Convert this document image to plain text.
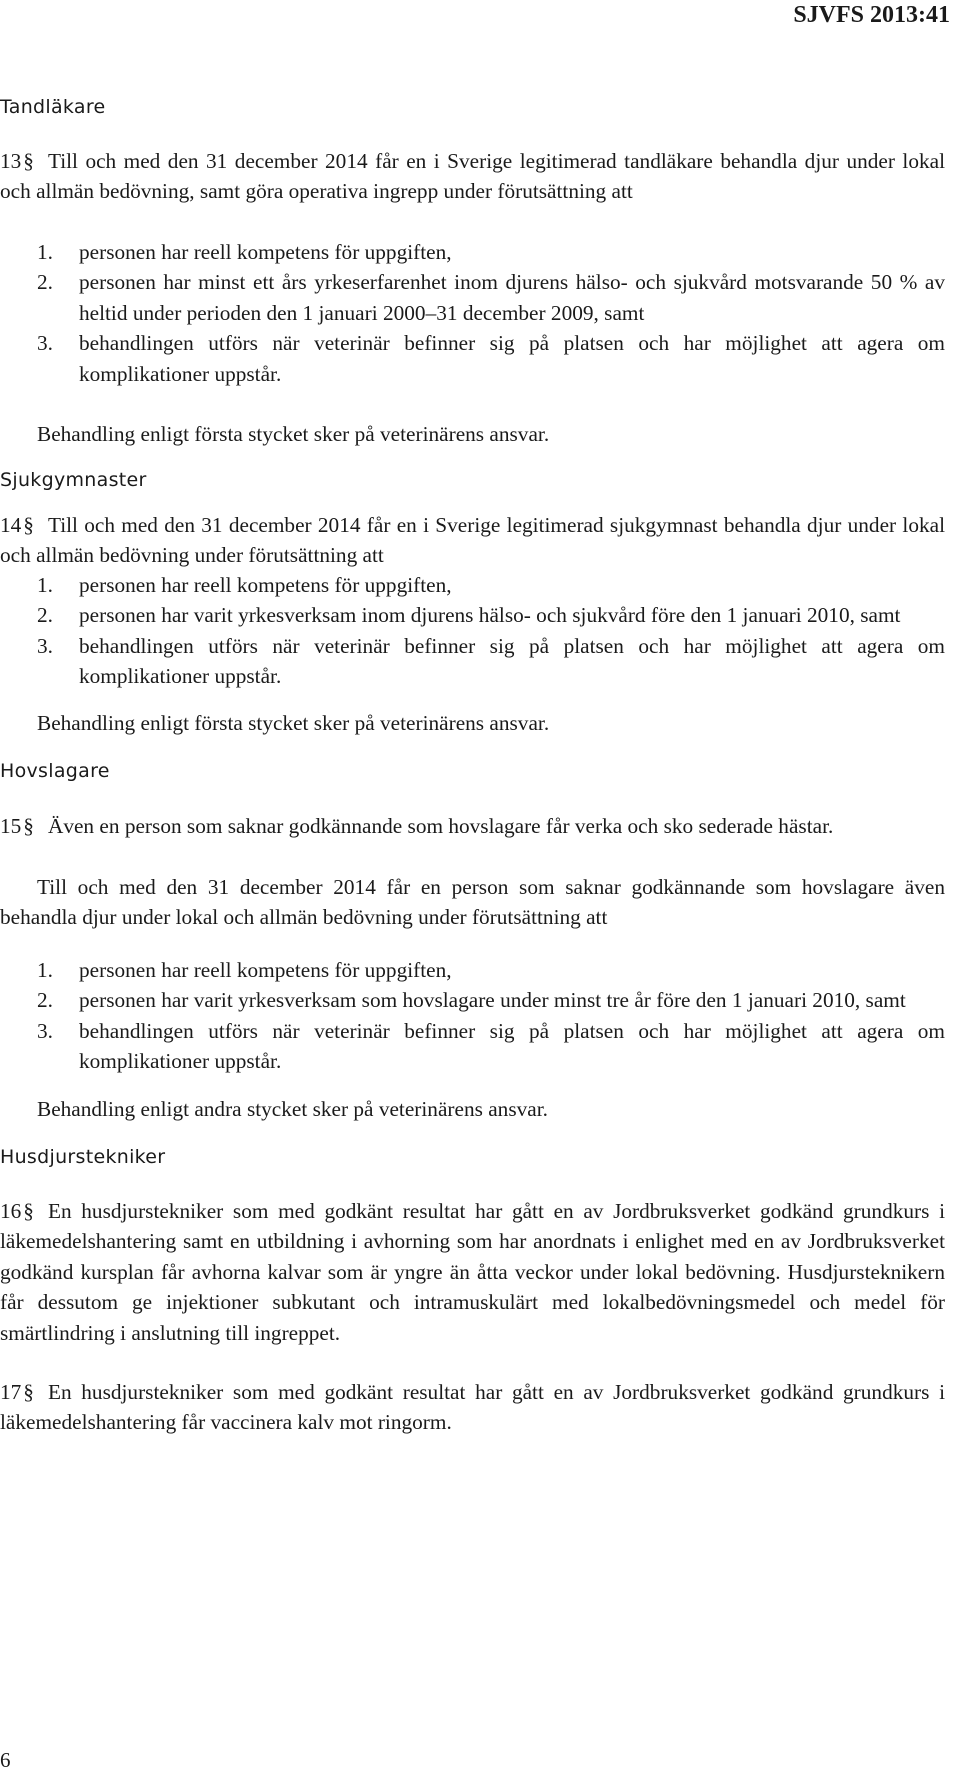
SJVFS 2013:41
Tandläkare

13§ Till och med den 31 december 2014 får en i Sverige legitimerad tandläkare behandla djur under lokal och allmän bedövning, samt göra operativa ingrepp under förutsättning att

1. personen har reell kompetens för uppgiften,
2. personen har minst ett års yrkeserfarenhet inom djurens hälso- och sjukvård motsvarande 50 % av heltid under perioden den 1 januari 2000–31 december 2009, samt
3. behandlingen utförs när veterinär befinner sig på platsen och har möjlighet att agera om komplikationer uppstår.
Behandling enligt första stycket sker på veterinärens ansvar.
Sjukgymnaster

14§ Till och med den 31 december 2014 får en i Sverige legitimerad sjukgymnast behandla djur under lokal och allmän bedövning under förutsättning att

1. personen har reell kompetens för uppgiften,
2. personen har varit yrkesverksam inom djurens hälso- och sjukvård före den 1 januari 2010, samt
3. behandlingen utförs när veterinär befinner sig på platsen och har möjlighet att agera om komplikationer uppstår.
Behandling enligt första stycket sker på veterinärens ansvar.
Hovslagare

15§ Även en person som saknar godkännande som hovslagare får verka och sko sederade hästar.

Till och med den 31 december 2014 får en person som saknar godkännande som hovslagare även behandla djur under lokal och allmän bedövning under förutsättning att

1. personen har reell kompetens för uppgiften,
2. personen har varit yrkesverksam som hovslagare under minst tre år före den 1 januari 2010, samt
3. behandlingen utförs när veterinär befinner sig på platsen och har möjlighet att agera om komplikationer uppstår.
Behandling enligt andra stycket sker på veterinärens ansvar.
Husdjurstekniker

16§ En husdjurstekniker som med godkänt resultat har gått en av Jordbruksverket godkänd grundkurs i läkemedelshantering samt en utbildning i avhorning som har anordnats i enlighet med en av Jordbruksverket godkänd kursplan får avhorna kalvar som är yngre än åtta veckor under lokal bedövning. Husdjursteknikern får dessutom ge injektioner subkutant och intramuskulärt med lokalbedövningsmedel och medel för smärtlindring i anslutning till ingreppet.

17§ En husdjurstekniker som med godkänt resultat har gått en av Jordbruksverket godkänd grundkurs i läkemedelshantering får vaccinera kalv mot ringorm.

6
